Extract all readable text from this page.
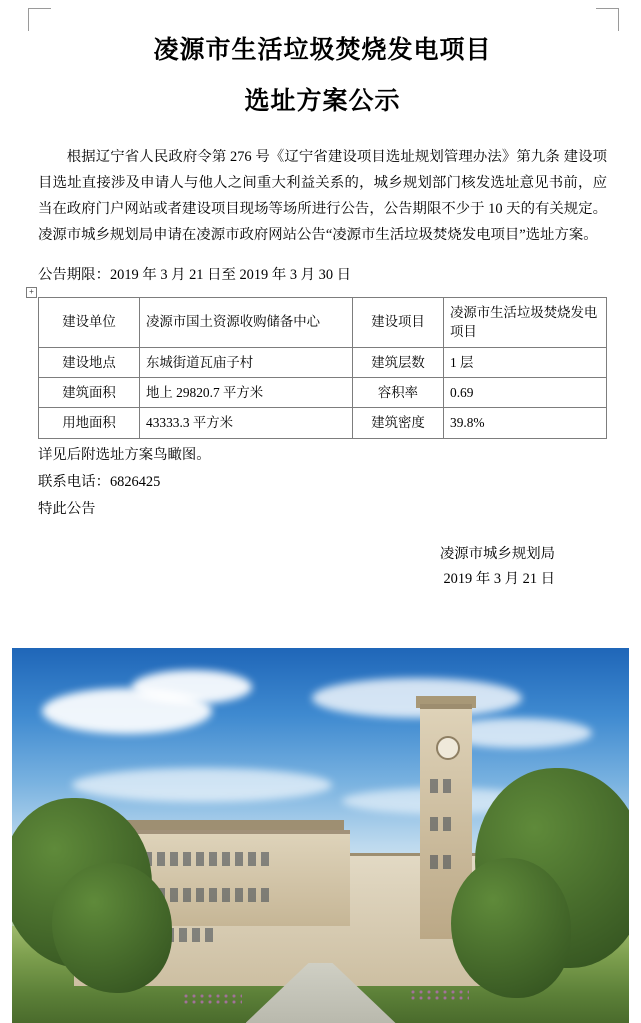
凌源市生活垃圾焚烧发电项目
选址方案公示

根据辽宁省人民政府令第 276 号《辽宁省建设项目选址规划管理办法》第九条 建设项目选址直接涉及申请人与他人之间重大利益关系的，城乡规划部门核发选址意见书前，应当在政府门户网站或者建设项目现场等场所进行公告，公告期限不少于 10 天的有关规定。凌源市城乡规划局申请在凌源市政府网站公告“凌源市生活垃圾焚烧发电项目”选址方案。

公告期限：2019 年 3 月 21 日至 2019 年 3 月 30 日
+
建设单位	凌源市国土资源收购储备中心	建设项目	凌源市生活垃圾焚烧发电项目
建设地点	东城街道瓦庙子村	建筑层数	1 层
建筑面积	地上 29820.7 平方米	容积率	0.69
用地面积	43333.3 平方米	建筑密度	39.8%
详见后附选址方案鸟瞰图。
联系电话：6826425
特此公告
凌源市城乡规划局
2019 年 3 月 21 日
